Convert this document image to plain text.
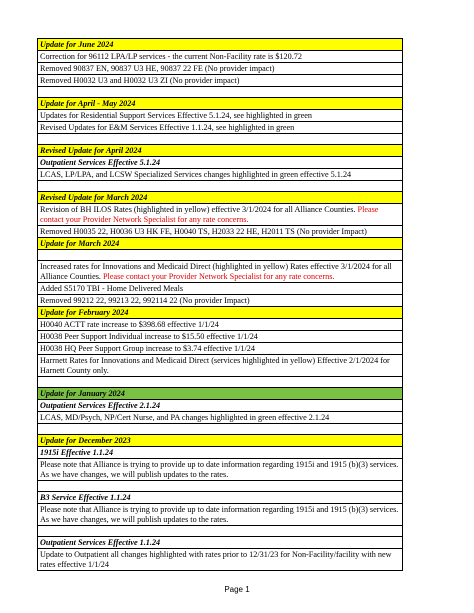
Update for June 2024
Correction for 96112 LPA/LP services - the current Non-Facility rate is $120.72
Removed 90837 EN, 90837 U3 HE, 90837 22 FE (No provider impact)
Removed H0032 U3 and H0032 U3 ZI (No provider impact)
Update for April - May 2024
Updates for Residential Support Services Effective 5.1.24, see highlighted in green
Revised Updates for E&M Services Effective 1.1.24, see highlighted in green
Revised Update for April 2024
Outpatient Services Effective 5.1.24
LCAS, LP/LPA, and LCSW Specialized Services changes highlighted in green effective 5.1.24
Revised Update for March 2024
Revision of BH ILOS Rates (highlighted in yellow) effective 3/1/2024 for all Alliance Counties. Please contact your Provider Network Specialist for any rate concerns.
Removed H0035 22, H0036 U3 HK FE, H0040 TS, H2033 22 HE, H2011 TS (No provider Impact)
Update for March 2024
Increased rates for Innovations and Medicaid Direct (highlighted in yellow) Rates effective 3/1/2024 for all Alliance Counties. Please contact your Provider Network Specialist for any rate concerns.
Added S5170 TBI - Home Delivered Meals
Removed 99212 22, 99213 22, 992114 22 (No provider Impact)
Update for February 2024
H0040 ACTT rate increase to $398.68 effective 1/1/24
H0038 Peer Support Individual increase to $15.50 effective 1/1/24
H0038 HQ Peer Support Group increase to $3.74 effective 1/1/24
Harrnett Rates for Innovations and Medicaid Direct (services highlighted in yellow) Effective 2/1/2024 for Harnett County only.
Update for January 2024
Outpatient Services Effective 2.1.24
LCAS, MD/Psych, NP/Cert Nurse, and PA changes highlighted in green effective 2.1.24
Update for December 2023
1915i Effective 1.1.24
Please note that Alliance is trying to provide up to date information regarding 1915i and 1915 (b)(3) services. As we have changes, we will publish updates to the rates.
B3 Service Effective 1.1.24
Please note that Alliance is trying to provide up to date information regarding 1915i and 1915 (b)(3) services. As we have changes, we will publish updates to the rates.
Outpatient Services Effective 1.1.24
Update to Outpatient all changes highlighted with rates prior to 12/31/23 for Non-Facility/facility with new rates effective 1/1/24
Page 1
